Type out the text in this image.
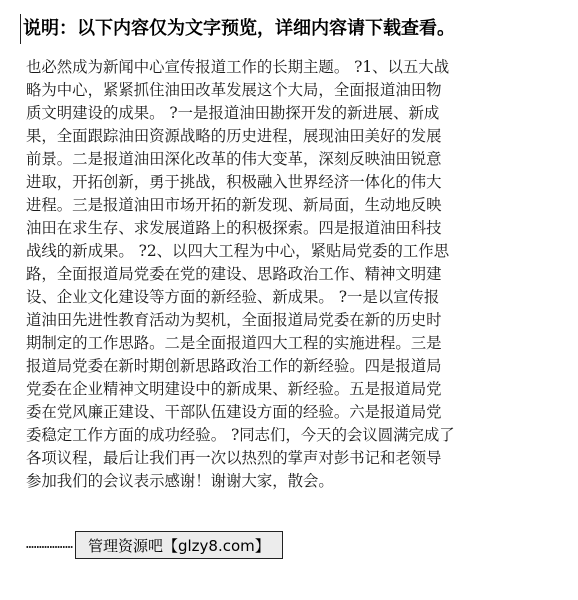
说明：以下内容仅为文字预览，详细内容请下载查看。
也必然成为新闻中心宣传报道工作的长期主题。 ?1、以五大战
略为中心，紧紧抓住油田改革发展这个大局，全面报道油田物
质文明建设的成果。 ?一是报道油田勘探开发的新进展、新成
果，全面跟踪油田资源战略的历史进程，展现油田美好的发展
前景。二是报道油田深化改革的伟大变革，深刻反映油田锐意
进取，开拓创新，勇于挑战，积极融入世界经济一体化的伟大
进程。三是报道油田市场开拓的新发现、新局面，生动地反映
油田在求生存、求发展道路上的积极探索。四是报道油田科技
战线的新成果。 ?2、以四大工程为中心，紧贴局党委的工作思
路，全面报道局党委在党的建设、思路政治工作、精神文明建
设、企业文化建设等方面的新经验、新成果。 ?一是以宣传报
道油田先进性教育活动为契机，全面报道局党委在新的历史时
期制定的工作思路。二是全面报道四大工程的实施进程。三是
报道局党委在新时期创新思路政治工作的新经验。四是报道局
党委在企业精神文明建设中的新成果、新经验。五是报道局党
委在党风廉正建设、干部队伍建设方面的经验。六是报道局党
委稳定工作方面的成功经验。 ?同志们，今天的会议圆满完成了
各项议程，最后让我们再一次以热烈的掌声对彭书记和老领导
参加我们的会议表示感谢！谢谢大家，散会。
………………	管理资源吧【glzy8.com】
